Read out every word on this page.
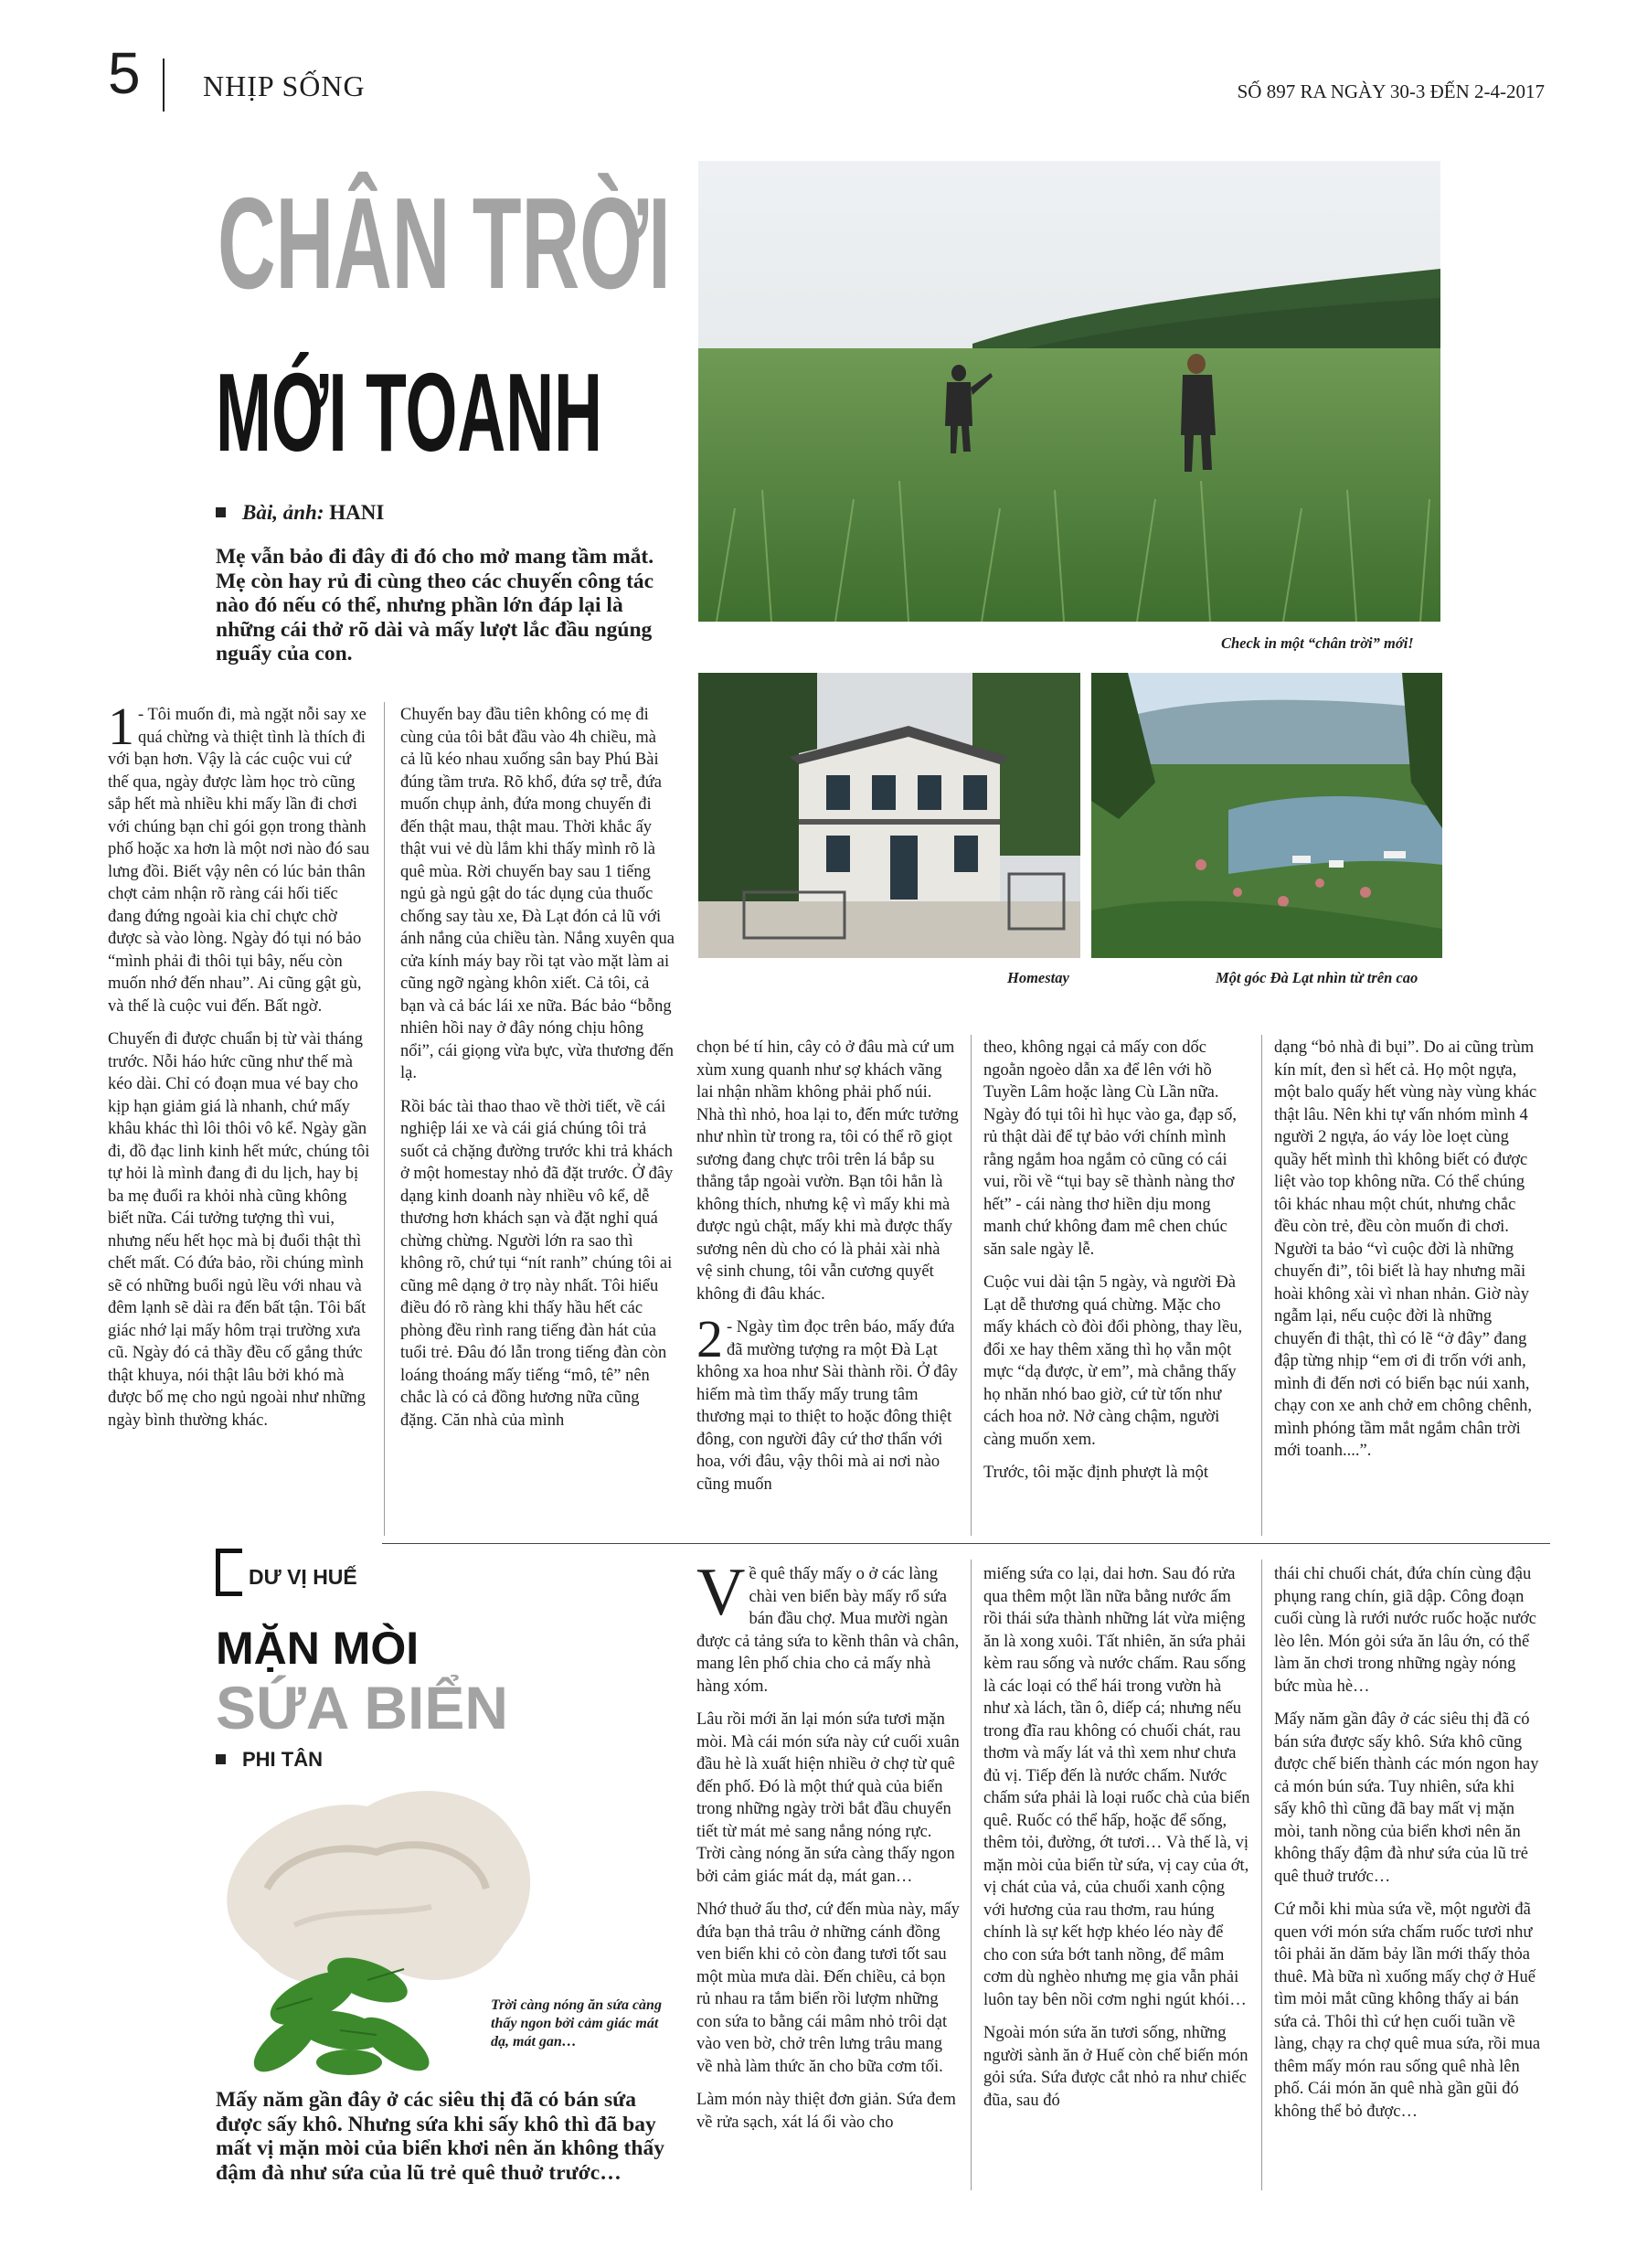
5 NHỊP SỐNG	SỐ 897 RA NGÀY 30-3 ĐẾN 2-4-2017
CHÂN TRỜI
MỚI TOANH
Bài, ảnh: HANI
Mẹ vẫn bảo đi đây đi đó cho mở mang tầm mắt. Mẹ còn hay rủ đi cùng theo các chuyến công tác nào đó nếu có thể, nhưng phần lớn đáp lại là những cái thở rõ dài và mấy lượt lắc đầu ngúng nguẩy của con.	Check in một “chân trời” mới!
Homestay	Một góc Đà Lạt nhìn từ trên cao

1 - Tôi muốn đi, mà ngặt nỗi say xe quá chừng và thiệt tình là thích đi với bạn hơn. Vậy là các cuộc vui cứ thế qua, ngày được làm học trò cũng sắp hết mà nhiều khi mấy lần đi chơi với chúng bạn chỉ gói gọn trong thành phố hoặc xa hơn là một nơi nào đó sau lưng đồi. Biết vậy nên có lúc bản thân chợt cảm nhận rõ ràng cái hối tiếc đang đứng ngoài kia chỉ chực chờ được sà vào lòng. Ngày đó tụi nó bảo “mình phải đi thôi tụi bây, nếu còn muốn nhớ đến nhau”. Ai cũng gật gù, và thế là cuộc vui đến. Bất ngờ.

Chuyến đi được chuẩn bị từ vài tháng trước. Nỗi háo hức cũng như thế mà kéo dài. Chỉ có đoạn mua vé bay cho kịp hạn giảm giá là nhanh, chứ mấy khâu khác thì lôi thôi vô kể. Ngày gần đi, đồ đạc linh kinh hết mức, chúng tôi tự hỏi là mình đang đi du lịch, hay bị ba mẹ đuổi ra khỏi nhà cũng không biết nữa. Cái tưởng tượng thì vui, nhưng nếu hết học mà bị đuổi thật thì chết mất. Có đứa bảo, rồi chúng mình sẽ có những buổi ngủ lều với nhau và đêm lạnh sẽ dài ra đến bất tận. Tôi bất giác nhớ lại mấy hôm trại trường xưa cũ. Ngày đó cả thầy đều cố gắng thức thật khuya, nói thật lâu bởi khó mà được bố mẹ cho ngủ ngoài như những ngày bình thường khác.

Chuyến bay đầu tiên không có mẹ đi cùng của tôi bắt đầu vào 4h chiều, mà cả lũ kéo nhau xuống sân bay Phú Bài đúng tầm trưa. Rõ khổ, đứa sợ trễ, đứa muốn chụp ảnh, đứa mong chuyến đi đến thật mau, thật mau. Thời khắc ấy thật vui vẻ dù lắm khi thấy mình rõ là quê mùa. Rời chuyến bay sau 1 tiếng ngủ gà ngủ gật do tác dụng của thuốc chống say tàu xe, Đà Lạt đón cả lũ với ánh nắng của chiều tàn. Nắng xuyên qua cửa kính máy bay rồi tạt vào mặt làm ai cũng ngỡ ngàng khôn xiết. Cả tôi, cả bạn và cả bác lái xe nữa. Bác bảo “bỗng nhiên hồi nay ở đây nóng chịu hông nổi”, cái giọng vừa bực, vừa thương đến lạ.

Rồi bác tài thao thao về thời tiết, về cái nghiệp lái xe và cái giá chúng tôi trả suốt cả chặng đường trước khi trả khách ở một homestay nhỏ đã đặt trước. Ở đây dạng kinh doanh này nhiều vô kể, dễ thương hơn khách sạn và đặt nghỉ quá chừng chừng. Người lớn ra sao thì không rõ, chứ tụi “nít ranh” chúng tôi ai cũng mê dạng ở trọ này nhất. Tôi hiểu điều đó rõ ràng khi thấy hầu hết các phòng đều rình rang tiếng đàn hát của tuổi trẻ. Đâu đó lẫn trong tiếng đàn còn loáng thoáng mấy tiếng “mô, tê” nên chắc là có cả đồng hương nữa cũng đặng. Căn nhà của mình

chọn bé tí hin, cây cỏ ở đâu mà cứ um xùm xung quanh như sợ khách vãng lai nhận nhầm không phải phố núi. Nhà thì nhỏ, hoa lại to, đến mức tưởng như nhìn từ trong ra, tôi có thể rõ giọt sương đang chực trôi trên lá bắp su thẳng tắp ngoài vườn. Bạn tôi hẳn là không thích, nhưng kệ vì mấy khi mà được ngủ chật, mấy khi mà được thấy sương nên dù cho có là phải xài nhà vệ sinh chung, tôi vẫn cương quyết không đi đâu khác.

2 - Ngày tìm đọc trên báo, mấy đứa đã mường tượng ra một Đà Lạt không xa hoa như Sài thành rồi. Ở đây hiếm mà tìm thấy mấy trung tâm thương mại to thiệt to hoặc đông thiệt đông, con người đây cứ thơ thẩn với hoa, với đâu, vậy thôi mà ai nơi nào cũng muốn

theo, không ngại cả mấy con dốc ngoằn ngoèo dẫn xa để lên với hồ Tuyền Lâm hoặc làng Cù Lần nữa. Ngày đó tụi tôi hì hục vào ga, đạp số, rủ thật dài để tự bảo với chính mình rằng ngắm hoa ngắm cỏ cũng có cái vui, rồi về “tụi bay sẽ thành nàng thơ hết” - cái nàng thơ hiền dịu mong manh chứ không đam mê chen chúc săn sale ngày lễ.

Cuộc vui dài tận 5 ngày, và người Đà Lạt dễ thương quá chừng. Mặc cho mấy khách cò đòi đổi phòng, thay lều, đổi xe hay thêm xăng thì họ vẫn một mực “dạ được, ừ em”, mà chẳng thấy họ nhăn nhó bao giờ, cứ từ tốn như cách hoa nở. Nở càng chậm, người càng muốn xem.

Trước, tôi mặc định phượt là một

dạng “bỏ nhà đi bụi”. Do ai cũng trùm kín mít, đen sì hết cả. Họ một ngựa, một balo quấy hết vùng này vùng khác thật lâu. Nên khi tự vấn nhóm mình 4 người 2 ngựa, áo váy lòe loẹt cùng quầy hết mình thì không biết có được liệt vào top không nữa. Có thể chúng tôi khác nhau một chút, nhưng chắc đều còn trẻ, đều còn muốn đi chơi. Người ta bảo “vì cuộc đời là những chuyến đi”, tôi biết là hay nhưng mãi hoài không xài vì nhan nhản. Giờ này ngẫm lại, nếu cuộc đời là những chuyến đi thật, thì có lẽ “ở đây” đang đập từng nhịp “em ơi đi trốn với anh, mình đi đến nơi có biển bạc núi xanh, chạy con xe anh chở em chông chênh, mình phóng tầm mắt ngắm chân trời mới toanh....”.

DƯ VỊ HUẾ
MẶN MÒI
SỨA BIỂN
PHI TÂN
Trời càng nóng ăn sứa càng thấy ngon bởi cảm giác mát dạ, mát gan…
Mấy năm gần đây ở các siêu thị đã có bán sứa được sấy khô. Nhưng sứa khi sấy khô thì đã bay mất vị mặn mòi của biển khơi nên ăn không thấy đậm đà như sứa của lũ trẻ quê thuở trước…

Về quê thấy mấy o ở các làng chài ven biển bày mấy rổ sứa bán đầu chợ. Mua mười ngàn được cả tảng sứa to kềnh thân và chân, mang lên phố chia cho cả mấy nhà hàng xóm.

Lâu rồi mới ăn lại món sứa tươi mặn mòi. Mà cái món sứa này cứ cuối xuân đầu hè là xuất hiện nhiều ở chợ từ quê đến phố. Đó là một thứ quà của biển trong những ngày trời bắt đầu chuyển tiết từ mát mẻ sang nắng nóng rực. Trời càng nóng ăn sứa càng thấy ngon bởi cảm giác mát dạ, mát gan…

Nhớ thuở ấu thơ, cứ đến mùa này, mấy đứa bạn thả trâu ở những cánh đồng ven biển khi cỏ còn đang tươi tốt sau một mùa mưa dài. Đến chiều, cả bọn rủ nhau ra tắm biển rồi lượm những con sứa to bằng cái mâm nhỏ trôi dạt vào ven bờ, chở trên lưng trâu mang về nhà làm thức ăn cho bữa cơm tối.

Làm món này thiệt đơn giản. Sứa đem về rửa sạch, xát lá ổi vào cho

miếng sứa co lại, dai hơn. Sau đó rửa qua thêm một lần nữa bằng nước ấm rồi thái sứa thành những lát vừa miệng ăn là xong xuôi. Tất nhiên, ăn sứa phải kèm rau sống và nước chấm. Rau sống là các loại có thể hái trong vườn hà như xà lách, tần ô, diếp cá; nhưng nếu trong đĩa rau không có chuối chát, rau thơm và mấy lát vả thì xem như chưa đủ vị. Tiếp đến là nước chấm. Nước chấm sứa phải là loại ruốc chà của biển quê. Ruốc có thể hấp, hoặc để sống, thêm tỏi, đường, ớt tươi… Và thế là, vị mặn mòi của biển từ sứa, vị cay của ớt, vị chát của vả, của chuối xanh cộng với hương của rau thơm, rau húng chính là sự kết hợp khéo léo này để cho con sứa bớt tanh nồng, để mâm cơm dù nghèo nhưng mẹ gia vẫn phải luôn tay bên nồi cơm nghi ngút khói…

Ngoài món sứa ăn tươi sống, những người sành ăn ở Huế còn chế biến món gỏi sứa. Sứa được cắt nhỏ ra như chiếc đũa, sau đó

thái chỉ chuối chát, đứa chín cùng đậu phụng rang chín, giã dập. Công đoạn cuối cùng là rưới nước ruốc hoặc nước lèo lên. Món gỏi sứa ăn lâu ớn, có thể làm ăn chơi trong những ngày nóng bức mùa hè…

Mấy năm gần đây ở các siêu thị đã có bán sứa được sấy khô. Sứa khô cũng được chế biến thành các món ngon hay cả món bún sứa. Tuy nhiên, sứa khi sấy khô thì cũng đã bay mất vị mặn mòi, tanh nồng của biển khơi nên ăn không thấy đậm đà như sứa của lũ trẻ quê thuở trước…

Cứ mỗi khi mùa sứa về, một người đã quen với món sứa chấm ruốc tươi như tôi phải ăn dăm bảy lần mới thấy thỏa thuê. Mà bữa nì xuống mấy chợ ở Huế tìm mỏi mắt cũng không thấy ai bán sứa cả. Thôi thì cứ hẹn cuối tuần về làng, chạy ra chợ quê mua sứa, rồi mua thêm mấy món rau sống quê nhà lên phố. Cái món ăn quê nhà gần gũi đó không thể bỏ được…
